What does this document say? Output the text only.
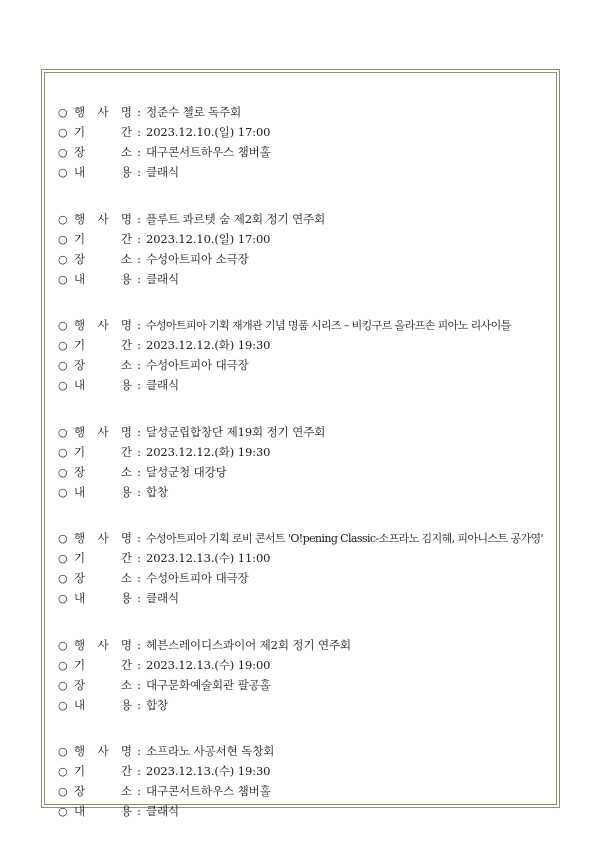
○ 행 사 명 : 정준수 첼로 독주회
○ 기	간 : 2023.12.10.(일) 17:00
○ 장	소 : 대구콘서트하우스 챔버홀
○ 내	용 : 클래식
○ 행 사 명 : 플루트 콰르텟 숨 제2회 정기 연주회
○ 기	간 : 2023.12.10.(일) 17:00
○ 장	소 : 수성아트피아 소극장
○ 내	용 : 클래식
○ 행 사 명 : 수성아트피아 기획 재개관 기념 명품 시리즈 – 비킹구르 올라프손 피아노 리사이틀
○ 기	간 : 2023.12.12.(화) 19:30
○ 장	소 : 수성아트피아 대극장
○ 내	용 : 클래식
○ 행 사 명 : 달성군립합창단 제19회 정기 연주회
○ 기	간 : 2023.12.12.(화) 19:30
○ 장	소 : 달성군청 대강당
○ 내	용 : 합창
○ 행 사 명 : 수성아트피아 기획 로비 콘서트 'O!pening Classic-소프라노 김지혜, 피아니스트 공가영'
○ 기	간 : 2023.12.13.(수) 11:00
○ 장	소 : 수성아트피아 대극장
○ 내	용 : 클래식
○ 행 사 명 : 헤븐스레이디스콰이어 제2회 정기 연주회
○ 기	간 : 2023.12.13.(수) 19:00
○ 장	소 : 대구문화예술회관 팔공홀
○ 내	용 : 합창
○ 행 사 명 : 소프라노 사공서현 독창회
○ 기	간 : 2023.12.13.(수) 19:30
○ 장	소 : 대구콘서트하우스 챔버홀
○ 내	용 : 클래식
